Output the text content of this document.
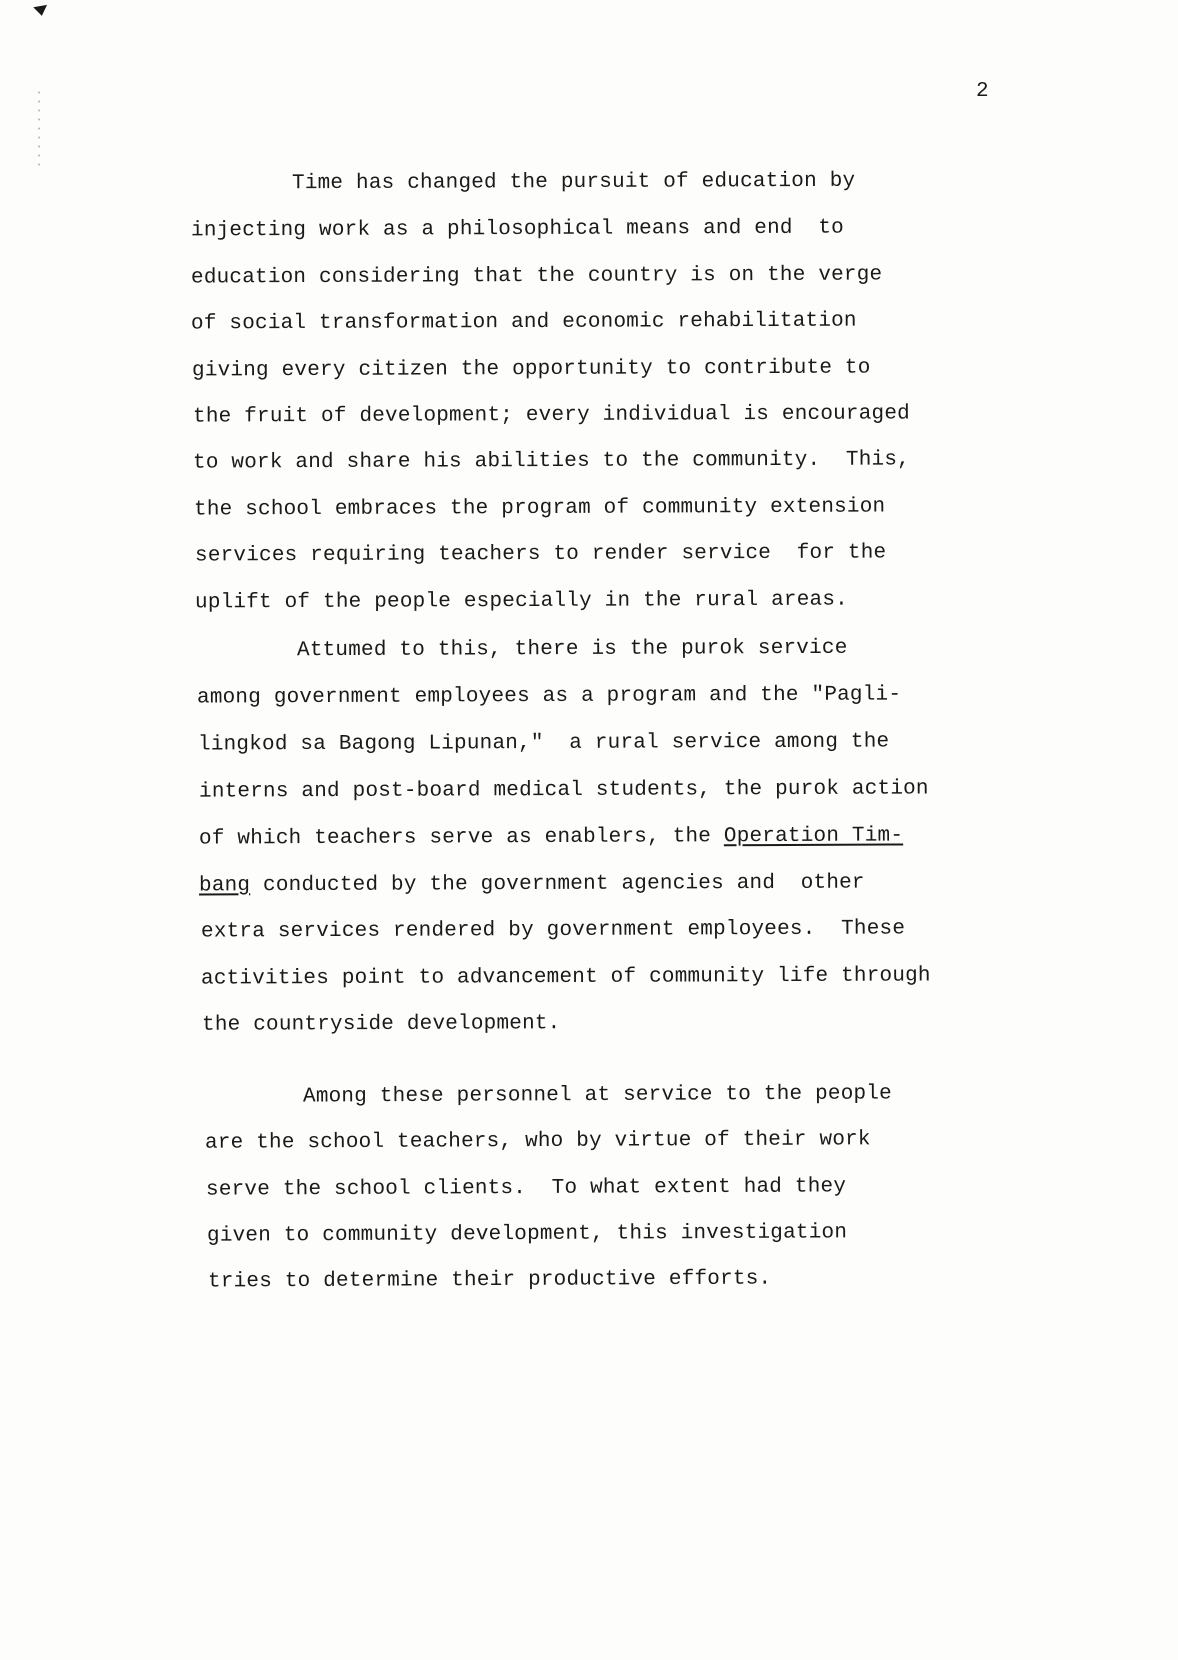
2
Time has changed the pursuit of education by
injecting work as a philosophical means and end  to
education considering that the country is on the verge
of social transformation and economic rehabilitation
giving every citizen the opportunity to contribute to
the fruit of development; every individual is encouraged
to work and share his abilities to the community.  This,
the school embraces the program of community extension
services requiring teachers to render service  for the
uplift of the people especially in the rural areas.
Attumed to this, there is the purok service
among government employees as a program and the "Pagli-
lingkod sa Bagong Lipunan,"  a rural service among the
interns and post-board medical students, the purok action
of which teachers serve as enablers, the Operation Tim-
bang conducted by the government agencies and  other
extra services rendered by government employees.  These
activities point to advancement of community life through
the countryside development.
Among these personnel at service to the people
are the school teachers, who by virtue of their work
serve the school clients.  To what extent had they
given to community development, this investigation
tries to determine their productive efforts.
